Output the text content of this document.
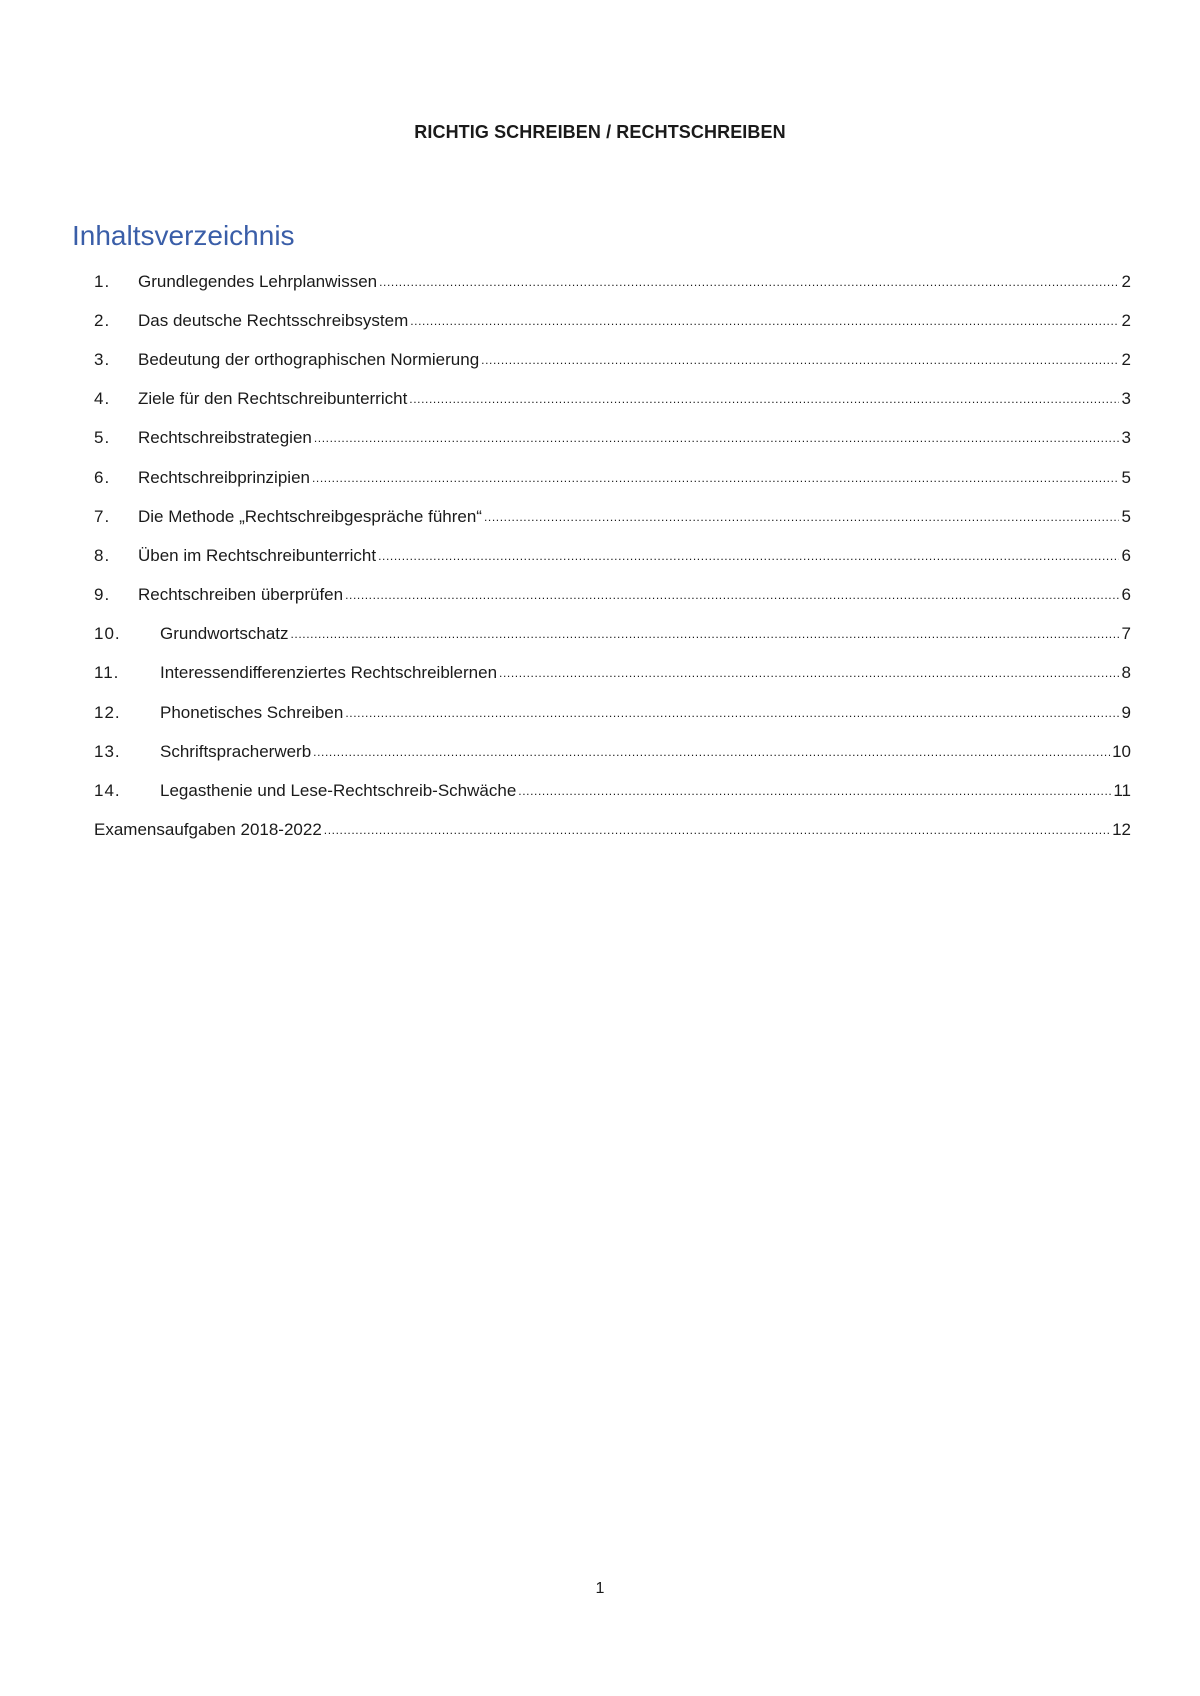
RICHTIG SCHREIBEN / RECHTSCHREIBEN
Inhaltsverzeichnis
1.	Grundlegendes Lehrplanwissen .....	2
2.	Das deutsche Rechtsschreibsystem .....	2
3.	Bedeutung der orthographischen Normierung .....	2
4.	Ziele für den Rechtschreibunterricht .....	3
5.	Rechtschreibstrategien .....	3
6.	Rechtschreibprinzipien .....	5
7.	Die Methode „Rechtschreibgespräche führen“ .....	5
8.	Üben im Rechtschreibunterricht .....	6
9.	Rechtschreiben überprüfen .....	6
10.	Grundwortschatz .....	7
11.	Interessendifferenziertes Rechtschreiblernen .....	8
12.	Phonetisches Schreiben .....	9
13.	Schriftspracherwerb .....	10
14.	Legasthenie und Lese-Rechtschreib-Schwäche .....	11
Examensaufgaben 2018-2022 .....	12
1
